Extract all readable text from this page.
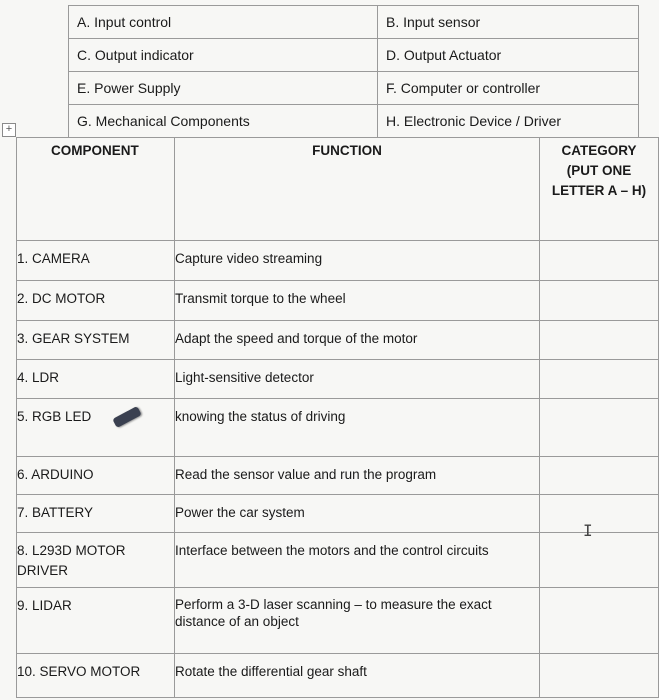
A. Input control	B. Input sensor
C. Output indicator	D. Output Actuator
E. Power Supply	F. Computer or controller
G. Mechanical Components	H. Electronic Device / Driver
+
COMPONENT	FUNCTION	CATEGORY
(PUT ONE
LETTER A – H)

1. CAMERA	Capture video streaming	

2. DC MOTOR	Transmit torque to the wheel	

3. GEAR SYSTEM	Adapt the speed and torque of the motor	

4. LDR	Light-sensitive detector	

5. RGB LED	knowing the status of driving	

6. ARDUINO	Read the sensor value and run the program	

7. BATTERY	Power the car system	

8. L293D MOTOR DRIVER	Interface between the motors and the control circuits	

9. LIDAR	Perform a 3-D laser scanning – to measure the exact distance of an object	

10. SERVO MOTOR	Rotate the differential gear shaft	

I
